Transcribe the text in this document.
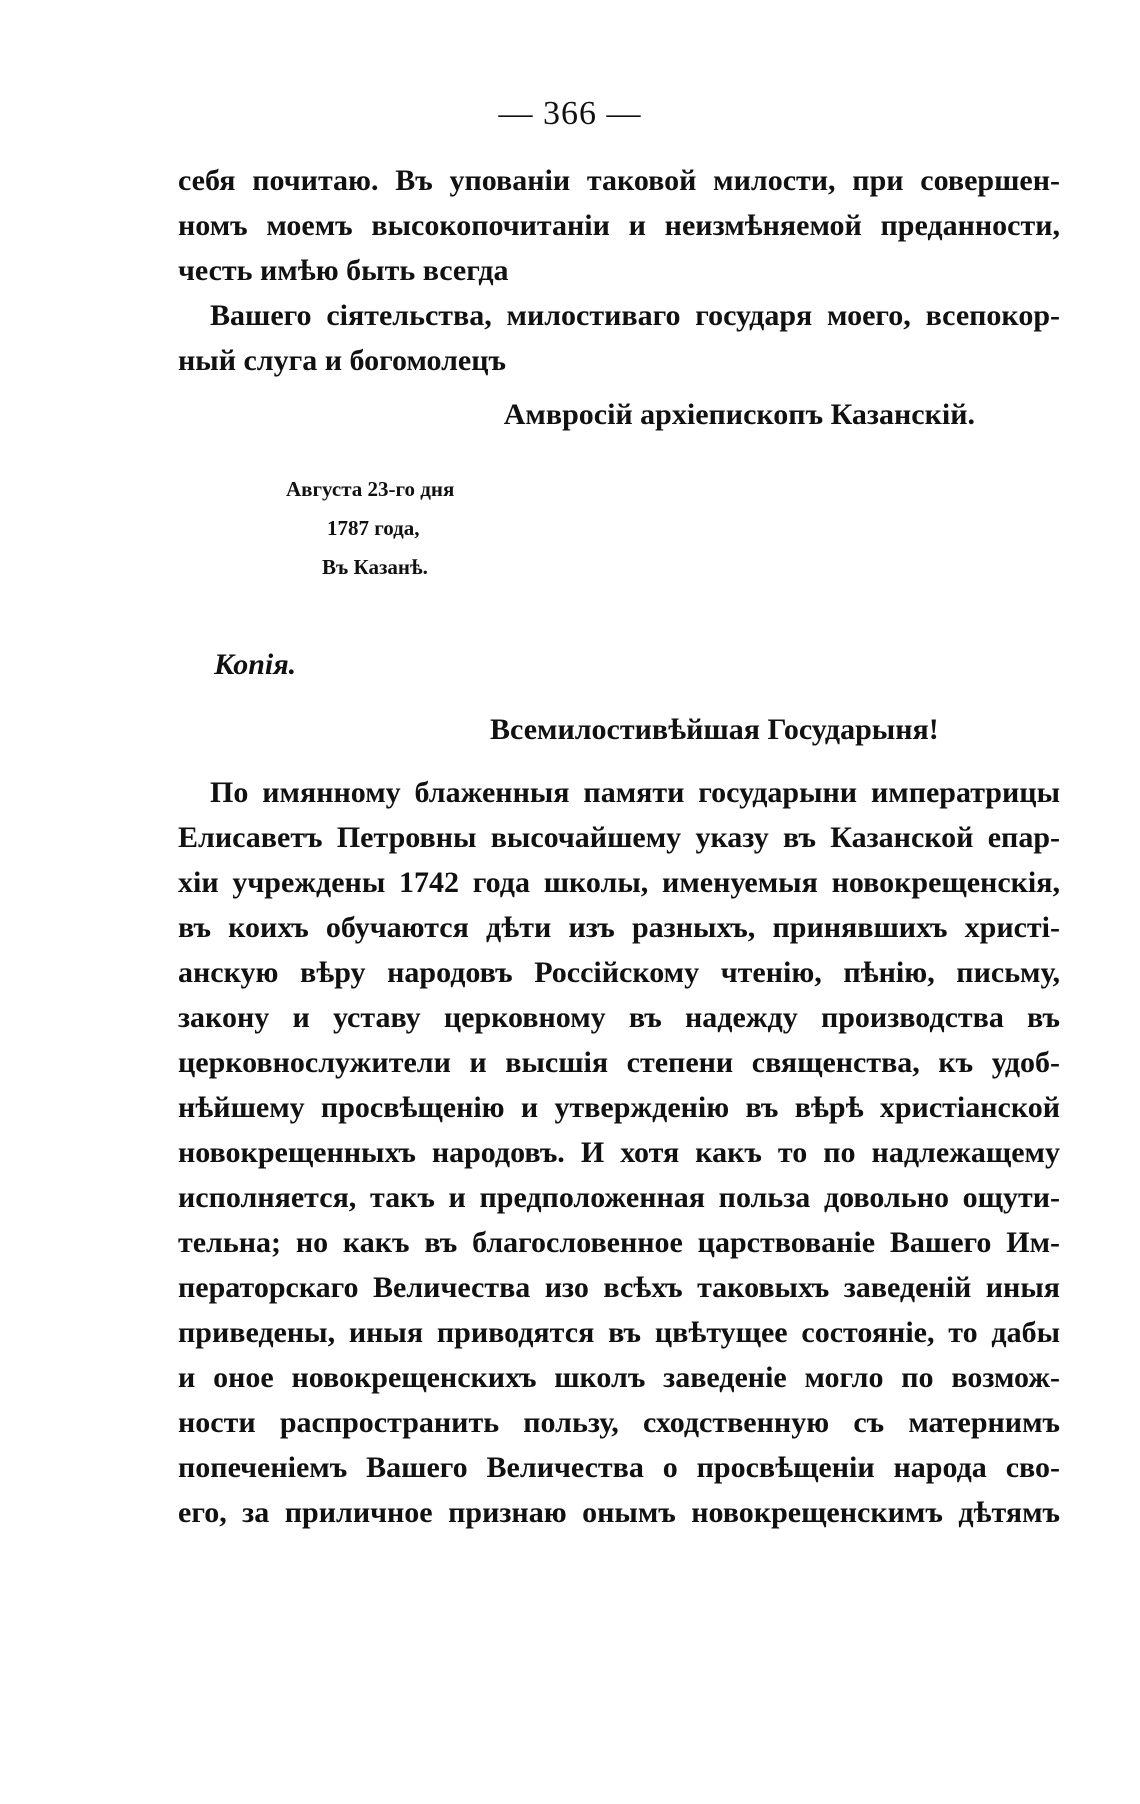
— 366 —
себя почитаю. Въ упованіи таковой милости, при совершен-
номъ моемъ высокопочитаніи и неизмѣняемой преданности,
честь имѣю быть всегда
Вашего сіятельства, милостиваго государя моего, всепокор-
ный слуга и богомолецъ
Амвросій архіепископъ Казанскій.
Августа 23-го дня
1787 года,
Въ Казанѣ.
Копія.
Всемилостивѣйшая Государыня!
По имянному блаженныя памяти государыни императрицы
Елисаветъ Петровны высочайшему указу въ Казанской епар-
хіи учреждены 1742 года школы, именуемыя новокрещенскія,
въ коихъ обучаются дѣти изъ разныхъ, принявшихъ христі-
анскую вѣру народовъ Россійскому чтенію, пѣнію, письму,
закону и уставу церковному въ надежду производства въ
церковнослужители и высшія степени священства, къ удоб-
нѣйшему просвѣщенію и утвержденію въ вѣрѣ христіанской
новокрещенныхъ народовъ. И хотя какъ то по надлежащему
исполняется, такъ и предположенная польза довольно ощути-
тельна; но какъ въ благословенное царствованіе Вашего Им-
ператорскаго Величества изо всѣхъ таковыхъ заведеній иныя
приведены, иныя приводятся въ цвѣтущее состояніе, то дабы
и оное новокрещенскихъ школъ заведеніе могло по возмож-
ности распространить пользу, сходственную съ матернимъ
попеченіемъ Вашего Величества о просвѣщеніи народа сво-
его, за приличное признаю онымъ новокрещенскимъ дѣтямъ
